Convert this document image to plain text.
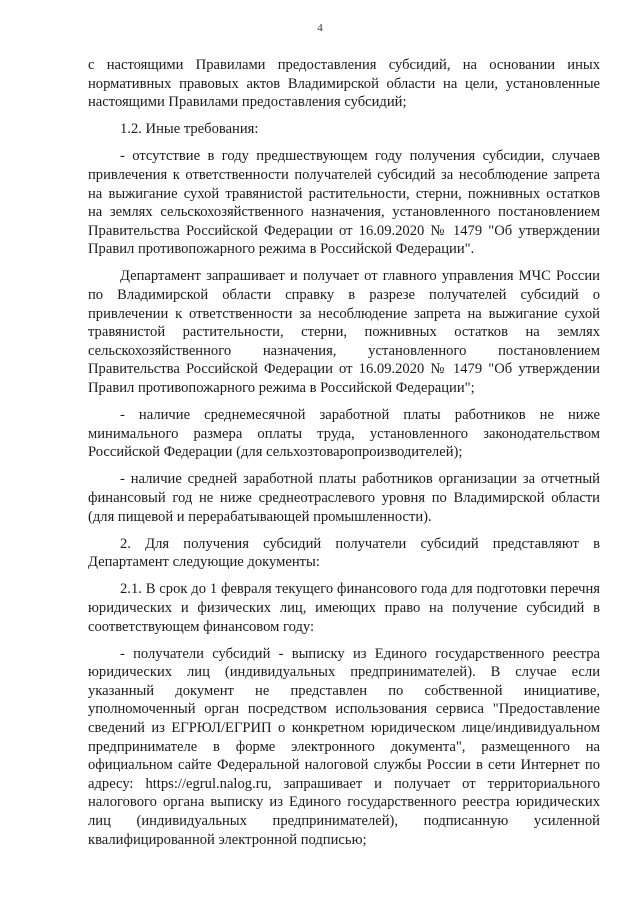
4

с настоящими Правилами предоставления субсидий, на основании иных нормативных правовых актов Владимирской области на цели, установленные настоящими Правилами предоставления субсидий;

1.2. Иные требования:

- отсутствие в году предшествующем году получения субсидии, случаев привлечения к ответственности получателей субсидий за несоблюдение запрета на выжигание сухой травянистой растительности, стерни, пожнивных остатков на землях сельскохозяйственного назначения, установленного постановлением Правительства Российской Федерации от 16.09.2020 № 1479 "Об утверждении Правил противопожарного режима в Российской Федерации".

Департамент запрашивает и получает от главного управления МЧС России по Владимирской области справку в разрезе получателей субсидий о привлечении к ответственности за несоблюдение запрета на выжигание сухой травянистой растительности, стерни, пожнивных остатков на землях сельскохозяйственного назначения, установленного постановлением Правительства Российской Федерации от 16.09.2020 № 1479 "Об утверждении Правил противопожарного режима в Российской Федерации";

- наличие среднемесячной заработной платы работников не ниже минимального размера оплаты труда, установленного законодательством Российской Федерации (для сельхозтоваропроизводителей);

- наличие средней заработной платы работников организации за отчетный финансовый год не ниже среднеотраслевого уровня по Владимирской области (для пищевой и перерабатывающей промышленности).

2. Для получения субсидий получатели субсидий представляют в Департамент следующие документы:

2.1. В срок до 1 февраля текущего финансового года для подготовки перечня юридических и физических лиц, имеющих право на получение субсидий в соответствующем финансовом году:

- получатели субсидий - выписку из Единого государственного реестра юридических лиц (индивидуальных предпринимателей). В случае если указанный документ не представлен по собственной инициативе, уполномоченный орган посредством использования сервиса "Предоставление сведений из ЕГРЮЛ/ЕГРИП о конкретном юридическом лице/индивидуальном предпринимателе в форме электронного документа", размещенного на официальном сайте Федеральной налоговой службы России в сети Интернет по адресу: https://egrul.nalog.ru, запрашивает и получает от территориального налогового органа выписку из Единого государственного реестра юридических лиц (индивидуальных предпринимателей), подписанную усиленной квалифицированной электронной подписью;
